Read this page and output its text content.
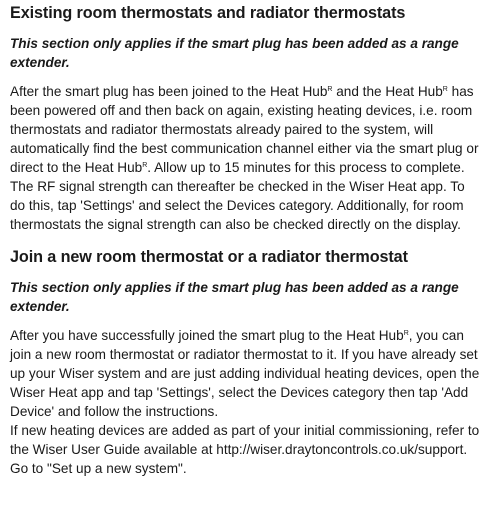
Existing room thermostats and radiator thermostats

This section only applies if the smart plug has been added as a range extender.

After the smart plug has been joined to the Heat Hub$^R$ and the Heat Hub$^R$ has been powered off and then back on again, existing heating devices, i.e. room thermostats and radiator thermostats already paired to the system, will automatically find the best communication channel either via the smart plug or direct to the Heat Hub$^R$. Allow up to 15 minutes for this process to complete. The RF signal strength can thereafter be checked in the Wiser Heat app. To do this, tap 'Settings' and select the Devices category. Additionally, for room thermostats the signal strength can also be checked directly on the display.

Join a new room thermostat or a radiator thermostat

This section only applies if the smart plug has been added as a range extender.

After you have successfully joined the smart plug to the Heat Hub$^R$, you can join a new room thermostat or radiator thermostat to it. If you have already set up your Wiser system and are just adding individual heating devices, open the Wiser Heat app and tap 'Settings', select the Devices category then tap 'Add Device' and follow the instructions.

If new heating devices are added as part of your initial commissioning, refer to the Wiser User Guide available at http://wiser.draytoncontrols.co.uk/support. Go to "Set up a new system".
